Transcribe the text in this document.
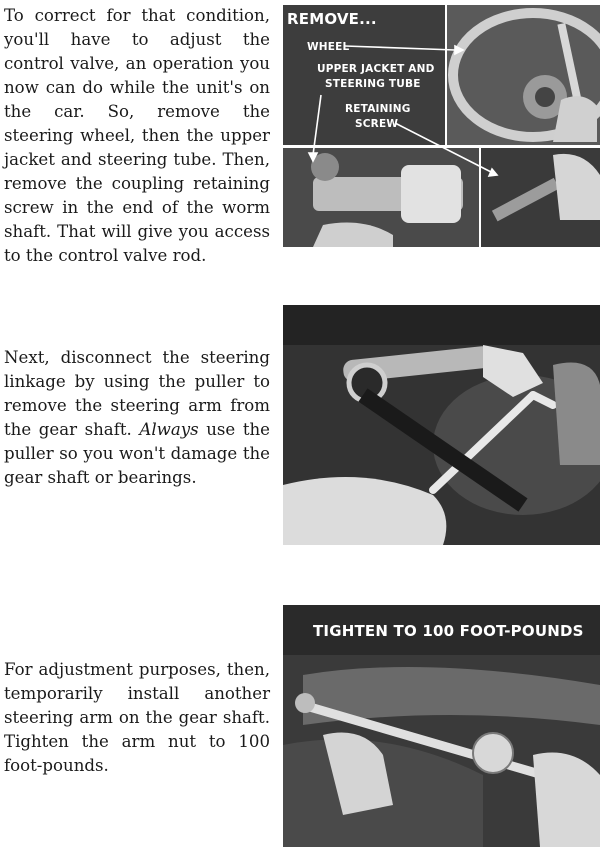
To correct for that condition, you'll have to adjust the control valve, an operation you now can do while the unit's on the car. So, remove the steering wheel, then the upper jacket and steering tube. Then, remove the coupling retaining screw in the end of the worm shaft. That will give you access to the control valve rod.
REMOVE...
WHEEL
UPPER JACKET AND
STEERING TUBE
RETAINING
SCREW
Next, disconnect the steering linkage by using the puller to remove the steering arm from the gear shaft. Always use the puller so you won't damage the gear shaft or bearings.
For adjustment purposes, then, temporarily install another steering arm on the gear shaft. Tighten the arm nut to 100 foot-pounds.
TIGHTEN TO 100 FOOT-POUNDS
